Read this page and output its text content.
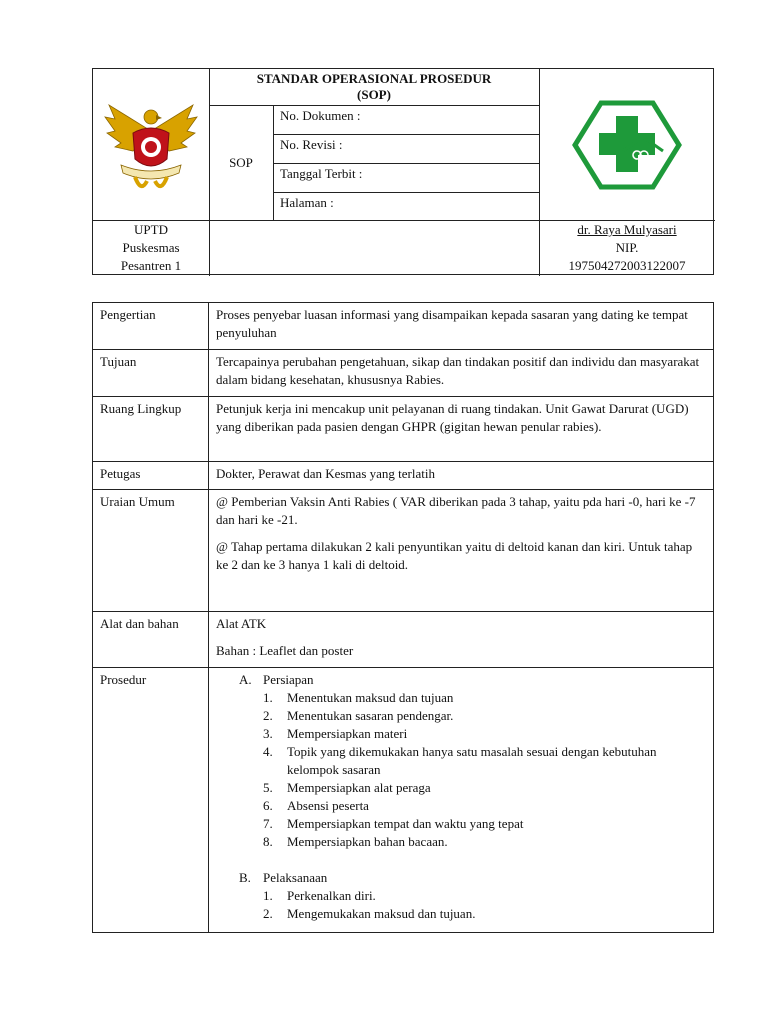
STANDAR OPERASIONAL PROSEDUR
(SOP)
SOP
No. Dokumen :
No. Revisi :
Tanggal Terbit :
Halaman :
UPTD
Puskesmas
Pesantren 1
dr. Raya Mulyasari
NIP.
197504272003122007
Pengertian	Proses penyebar luasan informasi yang disampaikan kepada sasaran yang dating ke tempat penyuluhan
Tujuan	Tercapainya perubahan pengetahuan, sikap dan tindakan positif dan individu dan masyarakat dalam bidang kesehatan, khususnya Rabies.
Ruang Lingkup	Petunjuk kerja ini mencakup unit pelayanan di ruang tindakan. Unit Gawat Darurat (UGD) yang diberikan pada pasien dengan GHPR (gigitan hewan penular rabies).
Petugas	Dokter, Perawat dan Kesmas yang terlatih
Uraian Umum	@ Pemberian Vaksin Anti Rabies ( VAR diberikan pada 3 tahap, yaitu pda hari -0, hari ke -7 dan hari ke -21.
@ Tahap pertama dilakukan 2 kali penyuntikan yaitu di deltoid kanan dan kiri. Untuk tahap ke 2 dan ke 3 hanya 1 kali di deltoid.
Alat dan bahan	Alat ATK
Bahan : Leaflet dan poster
Prosedur	A. Persiapan
1.	Menentukan maksud dan tujuan
2.	Menentukan sasaran pendengar.
3.	Mempersiapkan materi
4.	Topik yang dikemukakan hanya satu masalah sesuai dengan kebutuhan kelompok sasaran
5.	Mempersiapkan alat peraga
6.	Absensi peserta
7.	Mempersiapkan tempat dan waktu yang tepat
8.	Mempersiapkan bahan bacaan.
B. Pelaksanaan
1.	Perkenalkan diri.
2.	Mengemukakan maksud dan tujuan.
